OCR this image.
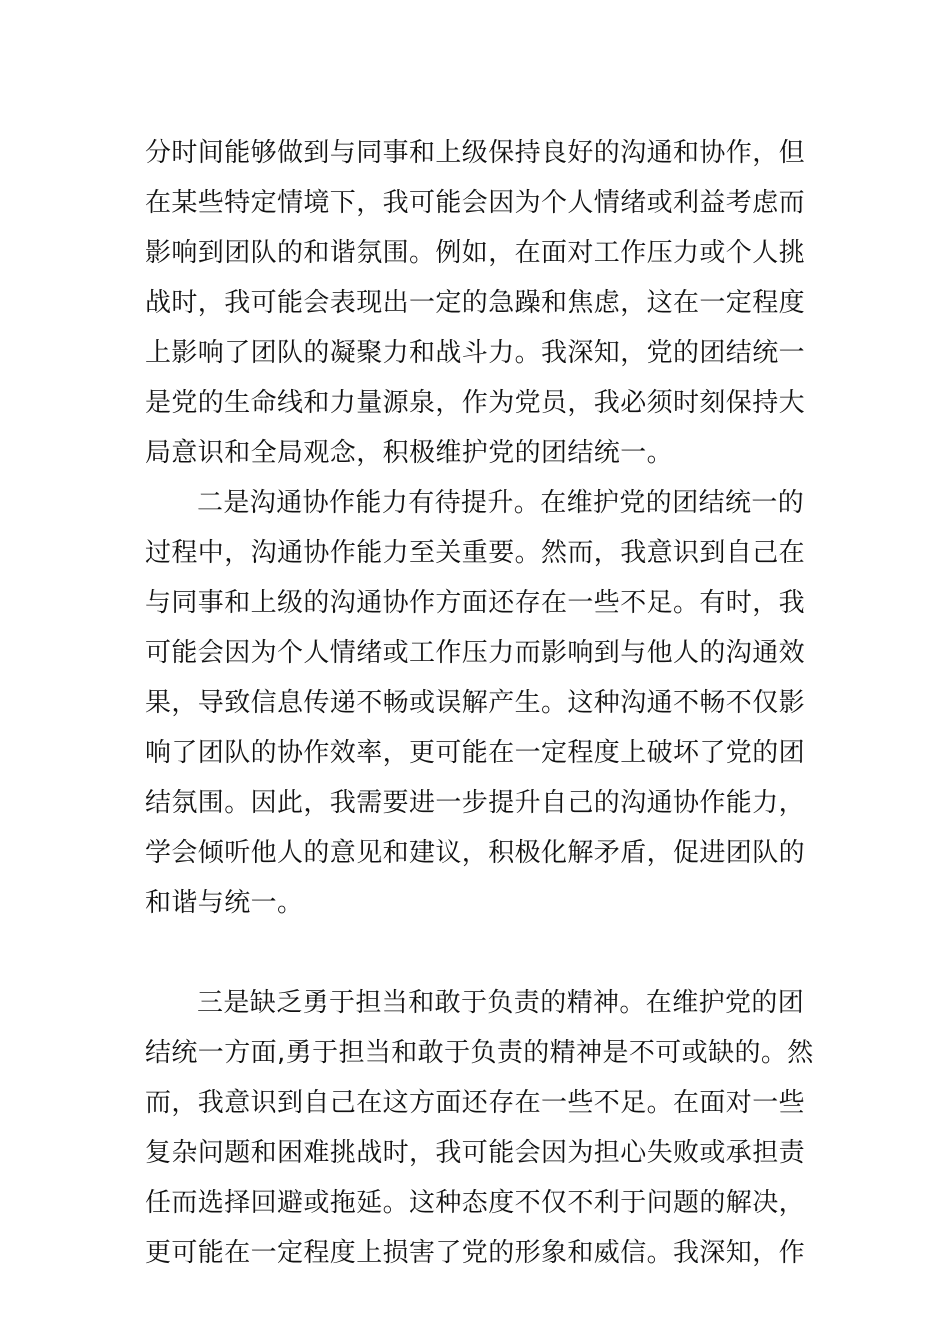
分时间能够做到与同事和上级保持良好的沟通和协作，但
在某些特定情境下，我可能会因为个人情绪或利益考虑而
影响到团队的和谐氛围。例如，在面对工作压力或个人挑
战时，我可能会表现出一定的急躁和焦虑，这在一定程度
上影响了团队的凝聚力和战斗力。我深知，党的团结统一
是党的生命线和力量源泉，作为党员，我必须时刻保持大
局意识和全局观念，积极维护党的团结统一。
二是沟通协作能力有待提升。在维护党的团结统一的
过程中，沟通协作能力至关重要。然而，我意识到自己在
与同事和上级的沟通协作方面还存在一些不足。有时，我
可能会因为个人情绪或工作压力而影响到与他人的沟通效
果，导致信息传递不畅或误解产生。这种沟通不畅不仅影
响了团队的协作效率，更可能在一定程度上破坏了党的团
结氛围。因此，我需要进一步提升自己的沟通协作能力，
学会倾听他人的意见和建议，积极化解矛盾，促进团队的
和谐与统一。
三是缺乏勇于担当和敢于负责的精神。在维护党的团
结统一方面,勇于担当和敢于负责的精神是不可或缺的。然
而，我意识到自己在这方面还存在一些不足。在面对一些
复杂问题和困难挑战时，我可能会因为担心失败或承担责
任而选择回避或拖延。这种态度不仅不利于问题的解决，
更可能在一定程度上损害了党的形象和威信。我深知，作
